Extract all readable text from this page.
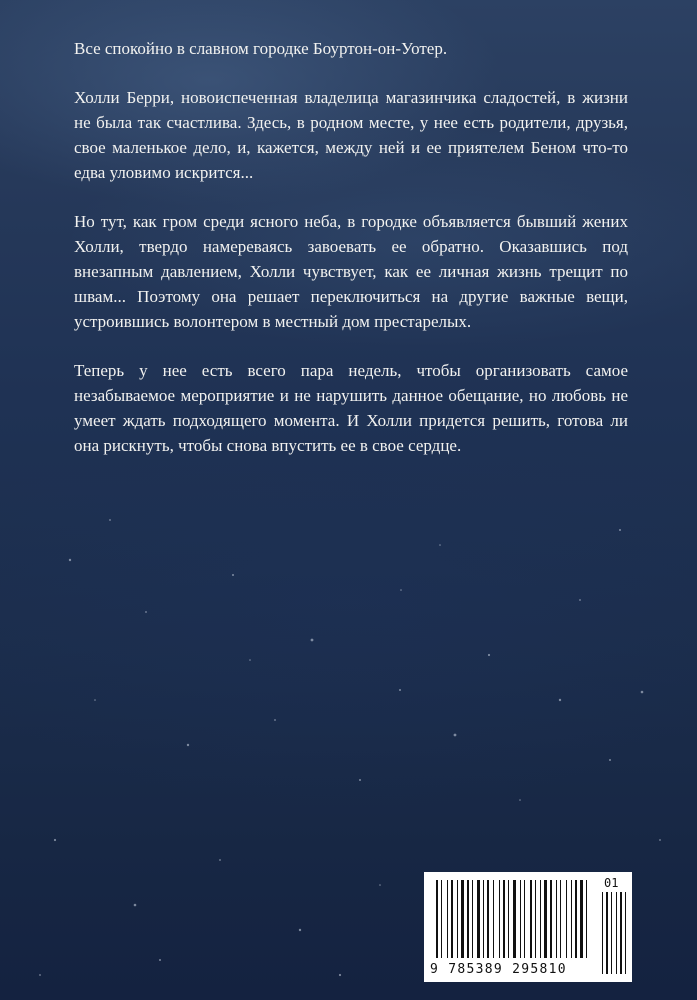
Все спокойно в славном городке Боуртон-он-Уотер.

Холли Берри, новоиспеченная владелица магазинчика сладостей, в жизни не была так счастлива. Здесь, в родном месте, у нее есть родители, друзья, свое маленькое дело, и, кажется, между ней и ее приятелем Беном что-то едва уловимо искрится...

Но тут, как гром среди ясного неба, в городке объявляется бывший жених Холли, твердо намереваясь завоевать ее обратно. Оказавшись под внезапным давлением, Холли чувствует, как ее личная жизнь трещит по швам... Поэтому она решает переключиться на другие важные вещи, устроившись волонтером в местный дом престарелых.

Теперь у нее есть всего пара недель, чтобы организовать самое незабываемое мероприятие и не нарушить данное обещание, но любовь не умеет ждать подходящего момента. И Холли придется решить, готова ли она рискнуть, чтобы снова впустить ее в свое сердце.

9 785389 295810
01
